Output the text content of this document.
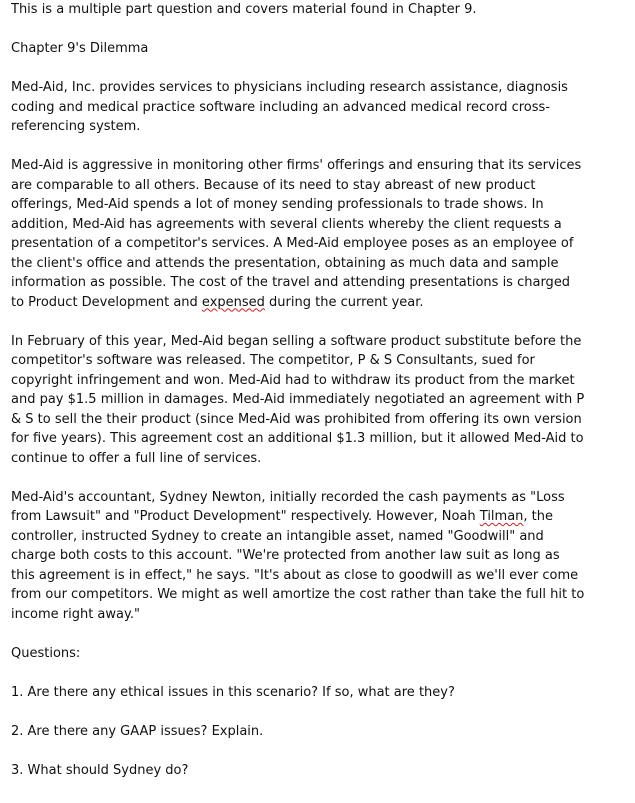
This is a multiple part question and covers material found in Chapter 9.

Chapter 9's Dilemma

Med-Aid, Inc. provides services to physicians including research assistance, diagnosis coding and medical practice software including an advanced medical record cross-referencing system.

Med-Aid is aggressive in monitoring other firms' offerings and ensuring that its services are comparable to all others. Because of its need to stay abreast of new product offerings, Med-Aid spends a lot of money sending professionals to trade shows. In addition, Med-Aid has agreements with several clients whereby the client requests a presentation of a competitor's services. A Med-Aid employee poses as an employee of the client's office and attends the presentation, obtaining as much data and sample information as possible. The cost of the travel and attending presentations is charged to Product Development and expensed during the current year.

In February of this year, Med-Aid began selling a software product substitute before the competitor's software was released. The competitor, P & S Consultants, sued for copyright infringement and won. Med-Aid had to withdraw its product from the market and pay $1.5 million in damages. Med-Aid immediately negotiated an agreement with P & S to sell the their product (since Med-Aid was prohibited from offering its own version for five years). This agreement cost an additional $1.3 million, but it allowed Med-Aid to continue to offer a full line of services.

Med-Aid's accountant, Sydney Newton, initially recorded the cash payments as "Loss from Lawsuit" and "Product Development" respectively. However, Noah Tilman, the controller, instructed Sydney to create an intangible asset, named "Goodwill" and charge both costs to this account. "We're protected from another law suit as long as this agreement is in effect," he says. "It's about as close to goodwill as we'll ever come from our competitors. We might as well amortize the cost rather than take the full hit to income right away."

Questions:

1. Are there any ethical issues in this scenario? If so, what are they?

2. Are there any GAAP issues? Explain.

3. What should Sydney do?
